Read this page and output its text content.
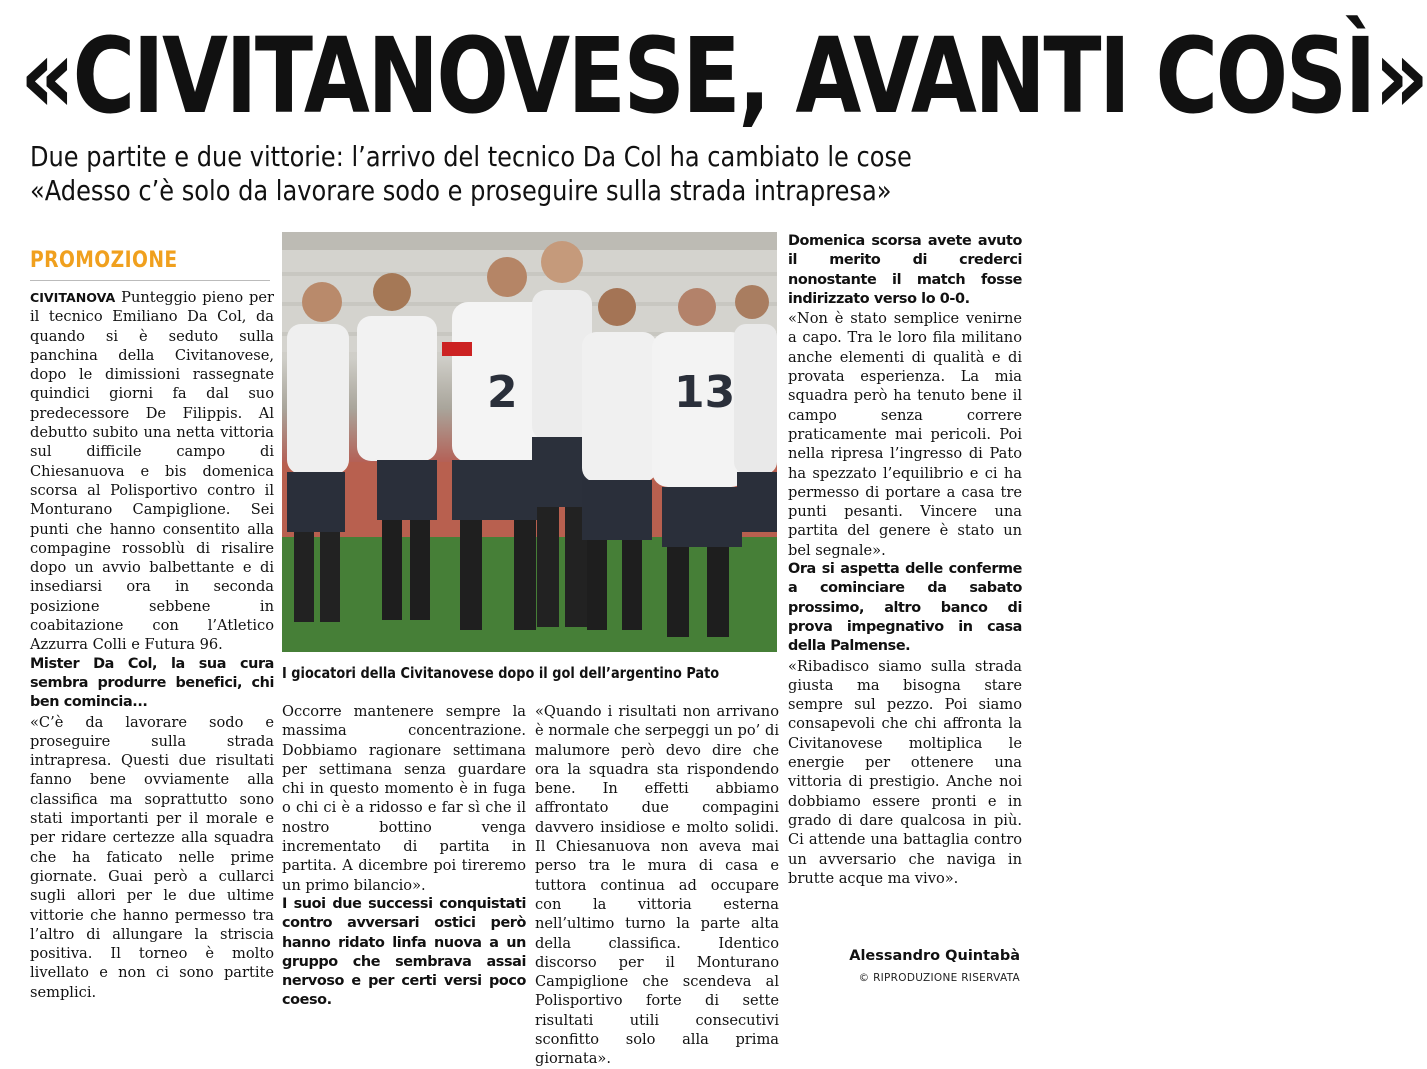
«CIVITANOVESE, AVANTI COSÌ»
Due partite e due vittorie: l’arrivo del tecnico Da Col ha cambiato le cose
«Adesso c’è solo da lavorare sodo e proseguire sulla strada intrapresa»
PROMOZIONE

CIVITANOVA Punteggio pieno per il tecnico Emiliano Da Col, da quando si è seduto sulla panchina della Civitanovese, dopo le dimissioni rassegnate quindici giorni fa dal suo predecessore De Filippis. Al debutto subito una netta vittoria sul difficile campo di Chiesanuova e bis domenica scorsa al Polisportivo contro il Monturano Campiglione. Sei punti che hanno consentito alla compagine rossoblù di risalire dopo un avvio balbettante e di insediarsi ora in seconda posizione sebbene in coabitazione con l’Atletico Azzurra Colli e Futura 96.

Mister Da Col, la sua cura sembra produrre benefici, chi ben comincia...

«C’è da lavorare sodo e proseguire sulla strada intrapresa. Questi due risultati fanno bene ovviamente alla classifica ma soprattutto sono stati importanti per il morale e per ridare certezze alla squadra che ha faticato nelle prime giornate. Guai però a cullarci sugli allori per le due ultime vittorie che hanno permesso tra l’altro di allungare la striscia positiva. Il torneo è molto livellato e non ci sono partite semplici.

2	13
I giocatori della Civitanovese dopo il gol dell’argentino Pato

Occorre mantenere sempre la massima concentrazione. Dobbiamo ragionare settimana per settimana senza guardare chi in questo momento è in fuga o chi ci è a ridosso e far sì che il nostro bottino venga incrementato di partita in partita. A dicembre poi tireremo un primo bilancio».

I suoi due successi conquistati contro avversari ostici però hanno ridato linfa nuova a un gruppo che sembrava assai nervoso e per certi versi poco coeso.

«Quando i risultati non arrivano è normale che serpeggi un po’ di malumore però devo dire che ora la squadra sta rispondendo bene. In effetti abbiamo affrontato due compagini davvero insidiose e molto solidi. Il Chiesanuova non aveva mai perso tra le mura di casa e tuttora continua ad occupare con la vittoria esterna nell’ultimo turno la parte alta della classifica. Identico discorso per il Monturano Campiglione che scendeva al Polisportivo forte di sette risultati utili consecutivi sconfitto solo alla prima giornata».

Domenica scorsa avete avuto il merito di crederci nonostante il match fosse indirizzato verso lo 0-0.

«Non è stato semplice venirne a capo. Tra le loro fila militano anche elementi di qualità e di provata esperienza. La mia squadra però ha tenuto bene il campo senza correre praticamente mai pericoli. Poi nella ripresa l’ingresso di Pato ha spezzato l’equilibrio e ci ha permesso di portare a casa tre punti pesanti. Vincere una partita del genere è stato un bel segnale».

Ora si aspetta delle conferme a cominciare da sabato prossimo, altro banco di prova impegnativo in casa della Palmense.

«Ribadisco siamo sulla strada giusta ma bisogna stare sempre sul pezzo. Poi siamo consapevoli che chi affronta la Civitanovese moltiplica le energie per ottenere una vittoria di prestigio. Anche noi dobbiamo essere pronti e in grado di dare qualcosa in più. Ci attende una battaglia contro un avversario che naviga in brutte acque ma vivo».

Alessandro Quintabà
© RIPRODUZIONE RISERVATA
